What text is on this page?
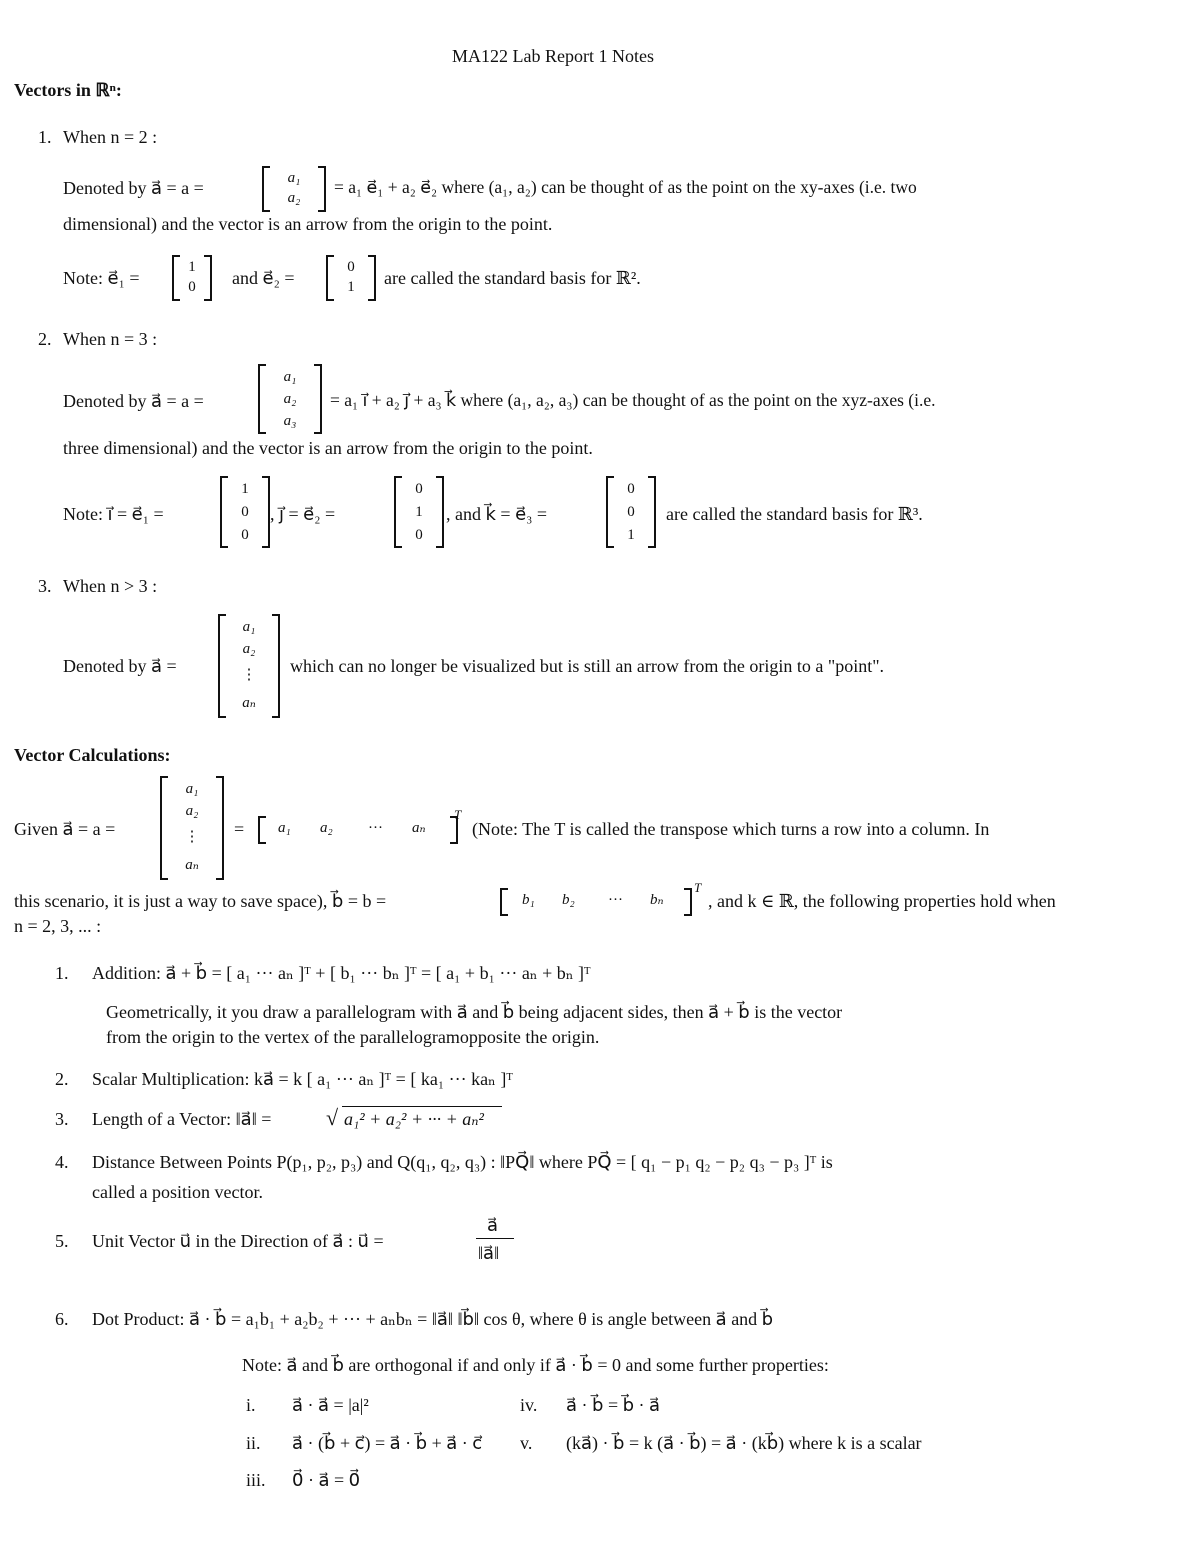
MA122 Lab Report 1 Notes
Vectors in ℝⁿ:
1. When n = 2 :
Denoted by a⃗ = a =	a₁
a₂
= a₁ e⃗₁ + a₂ e⃗₂ where (a₁, a₂) can be thought of as the point on the xy-axes (i.e. two
dimensional) and the vector is an arrow from the origin to the point.
Note: e⃗₁ =
1
0	and e⃗₂ =
0
1	are called the standard basis for ℝ².
2. When n = 3 :
Denoted by a⃗ = a =
a₁
a₂
a₃
= a₁ i⃗ + a₂ j⃗ + a₃ k⃗ where (a₁, a₂, a₃) can be thought of as the point on the xyz-axes (i.e.
three dimensional) and the vector is an arrow from the origin to the point.
Note: i⃗ = e⃗₁ =
1
0
0
, j⃗ = e⃗₂ =
0
1
0
, and k⃗ = e⃗₃ =
0
0
1
are called the standard basis for ℝ³.
3. When n > 3 :
Denoted by a⃗ =
a₁
a₂
⋮
aₙ
which can no longer be visualized but is still an arrow from the origin to a "point".
Vector Calculations:
Given a⃗ = a =
a₁
a₂
⋮
aₙ
= a₁ a₂ ··· aₙ
T
(Note: The T is called the transpose which turns a row into a column. In
this scenario, it is just a way to save space), b⃗ = b =	b₁ b₂ ··· bₙ
T
, and k ∈ ℝ, the following properties hold when
n = 2, 3, ... :
1. Addition: a⃗ + b⃗ = [ a₁ ··· aₙ ]ᵀ + [ b₁ ··· bₙ ]ᵀ = [ a₁ + b₁ ··· aₙ + bₙ ]ᵀ
Geometrically, it you draw a parallelogram with a⃗ and b⃗ being adjacent sides, then a⃗ + b⃗ is the vector
from the origin to the vertex of the parallelogramopposite the origin.
2. Scalar Multiplication: ka⃗ = k [ a₁ ··· aₙ ]ᵀ = [ ka₁ ··· kaₙ ]ᵀ
3. Length of a Vector: ‖a⃗‖ = √ a₁² + a₂² + ··· + aₙ²
4. Distance Between Points P(p₁, p₂, p₃) and Q(q₁, q₂, q₃) : ‖PQ⃗‖ where PQ⃗ = [ q₁ − p₁ q₂ − p₂ q₃ − p₃ ]ᵀ is
called a position vector.
5. Unit Vector u⃗ in the Direction of a⃗ : u⃗ =
a⃗
‖a⃗‖
6. Dot Product: a⃗ · b⃗ = a₁b₁ + a₂b₂ + ··· + aₙbₙ = ‖a⃗‖ ‖b⃗‖ cos θ, where θ is angle between a⃗ and b⃗
Note: a⃗ and b⃗ are orthogonal if and only if a⃗ · b⃗ = 0 and some further properties:
i. a⃗ · a⃗ = |a|²
ii. a⃗ · (b⃗ + c⃗) = a⃗ · b⃗ + a⃗ · c⃗
iii. 0⃗ · a⃗ = 0⃗
iv. a⃗ · b⃗ = b⃗ · a⃗
v. (ka⃗) · b⃗ = k (a⃗ · b⃗) = a⃗ · (kb⃗) where k is a scalar
